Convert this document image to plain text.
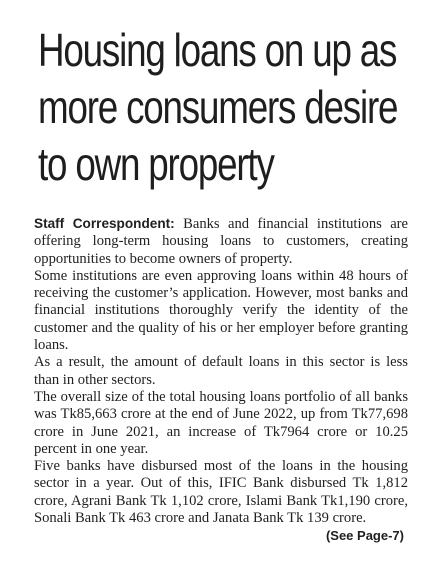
Housing loans on up as
more consumers desire
to own property

Staff Correspondent: Banks and financial institutions are offering long-term housing loans to customers, creating opportunities to become owners of property.

Some institutions are even approving loans within 48 hours of receiving the customer’s application. However, most banks and financial institutions thoroughly verify the identity of the customer and the quality of his or her employer before granting loans.

As a result, the amount of default loans in this sector is less than in other sectors.

The overall size of the total housing loans portfolio of all banks was Tk85,663 crore at the end of June 2022, up from Tk77,698 crore in June 2021, an increase of Tk7964 crore or 10.25 percent in one year.

Five banks have disbursed most of the loans in the housing sector in a year. Out of this, IFIC Bank disbursed Tk 1,812 crore, Agrani Bank Tk 1,102 crore, Islami Bank Tk1,190 crore, Sonali Bank Tk 463 crore and Janata Bank Tk 139 crore.
(See Page-7)
